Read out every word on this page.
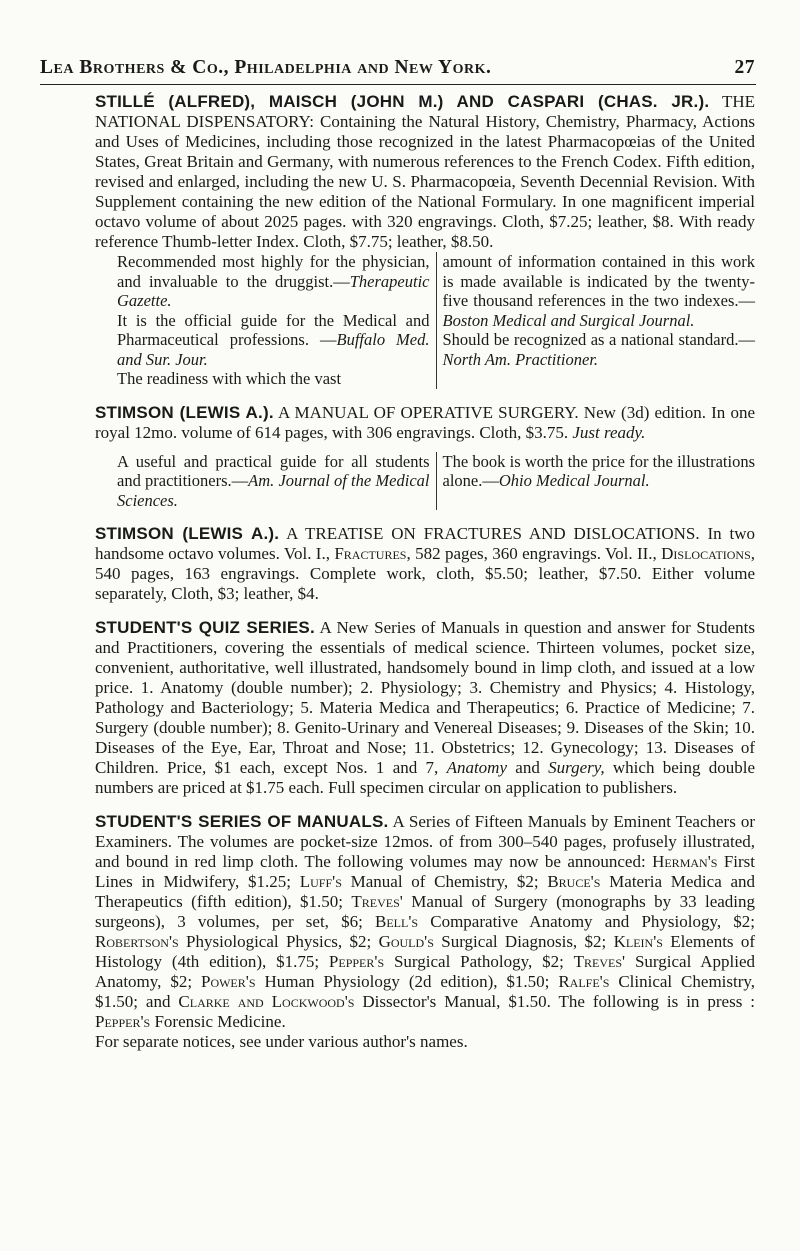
Lea Brothers & Co., Philadelphia and New York.	27
STILLÉ (ALFRED), MAISCH (JOHN M.) AND CASPARI (CHAS. JR.). THE NATIONAL DISPENSATORY: Containing the Natural History, Chemistry, Pharmacy, Actions and Uses of Medicines, including those recognized in the latest Pharmacopœias of the United States, Great Britain and Germany, with numerous references to the French Codex. Fifth edition, revised and enlarged, including the new U. S. Pharmacopœia, Seventh Decennial Revision. With Supplement containing the new edition of the National Formulary. In one magnificent imperial octavo volume of about 2025 pages. with 320 engravings. Cloth, $7.25; leather, $8. With ready reference Thumb-letter Index. Cloth, $7.75; leather, $8.50.

Recommended most highly for the physician, and invaluable to the druggist.—Therapeutic Gazette.

It is the official guide for the Medical and Pharmaceutical professions. —Buffalo Med. and Sur. Jour.

The readiness with which the vast

amount of information contained in this work is made available is indicated by the twenty-five thousand references in the two indexes.—Boston Medical and Surgical Journal.

Should be recognized as a national standard.—North Am. Practitioner.

STIMSON (LEWIS A.). A MANUAL OF OPERATIVE SURGERY. New (3d) edition. In one royal 12mo. volume of 614 pages, with 306 engravings. Cloth, $3.75. Just ready.

A useful and practical guide for all students and practitioners.—Am. Journal of the Medical Sciences.

The book is worth the price for the illustrations alone.—Ohio Medical Journal.

STIMSON (LEWIS A.). A TREATISE ON FRACTURES AND DISLOCATIONS. In two handsome octavo volumes. Vol. I., Fractures, 582 pages, 360 engravings. Vol. II., Dislocations, 540 pages, 163 engravings. Complete work, cloth, $5.50; leather, $7.50. Either volume separately, Cloth, $3; leather, $4.
STUDENT'S QUIZ SERIES. A New Series of Manuals in question and answer for Students and Practitioners, covering the essentials of medical science. Thirteen volumes, pocket size, convenient, authoritative, well illustrated, handsomely bound in limp cloth, and issued at a low price. 1. Anatomy (double number); 2. Physiology; 3. Chemistry and Physics; 4. Histology, Pathology and Bacteriology; 5. Materia Medica and Therapeutics; 6. Practice of Medicine; 7. Surgery (double number); 8. Genito-Urinary and Venereal Diseases; 9. Diseases of the Skin; 10. Diseases of the Eye, Ear, Throat and Nose; 11. Obstetrics; 12. Gynecology; 13. Diseases of Children. Price, $1 each, except Nos. 1 and 7, Anatomy and Surgery, which being double numbers are priced at $1.75 each. Full specimen circular on application to publishers.
STUDENT'S SERIES OF MANUALS. A Series of Fifteen Manuals by Eminent Teachers or Examiners. The volumes are pocket-size 12mos. of from 300–540 pages, profusely illustrated, and bound in red limp cloth. The following volumes may now be announced: Herman's First Lines in Midwifery, $1.25; Luff's Manual of Chemistry, $2; Bruce's Materia Medica and Therapeutics (fifth edition), $1.50; Treves' Manual of Surgery (monographs by 33 leading surgeons), 3 volumes, per set, $6; Bell's Comparative Anatomy and Physiology, $2; Robertson's Physiological Physics, $2; Gould's Surgical Diagnosis, $2; Klein's Elements of Histology (4th edition), $1.75; Pepper's Surgical Pathology, $2; Treves' Surgical Applied Anatomy, $2; Power's Human Physiology (2d edition), $1.50; Ralfe's Clinical Chemistry, $1.50; and Clarke and Lockwood's Dissector's Manual, $1.50. The following is in press : Pepper's Forensic Medicine.
For separate notices, see under various author's names.
